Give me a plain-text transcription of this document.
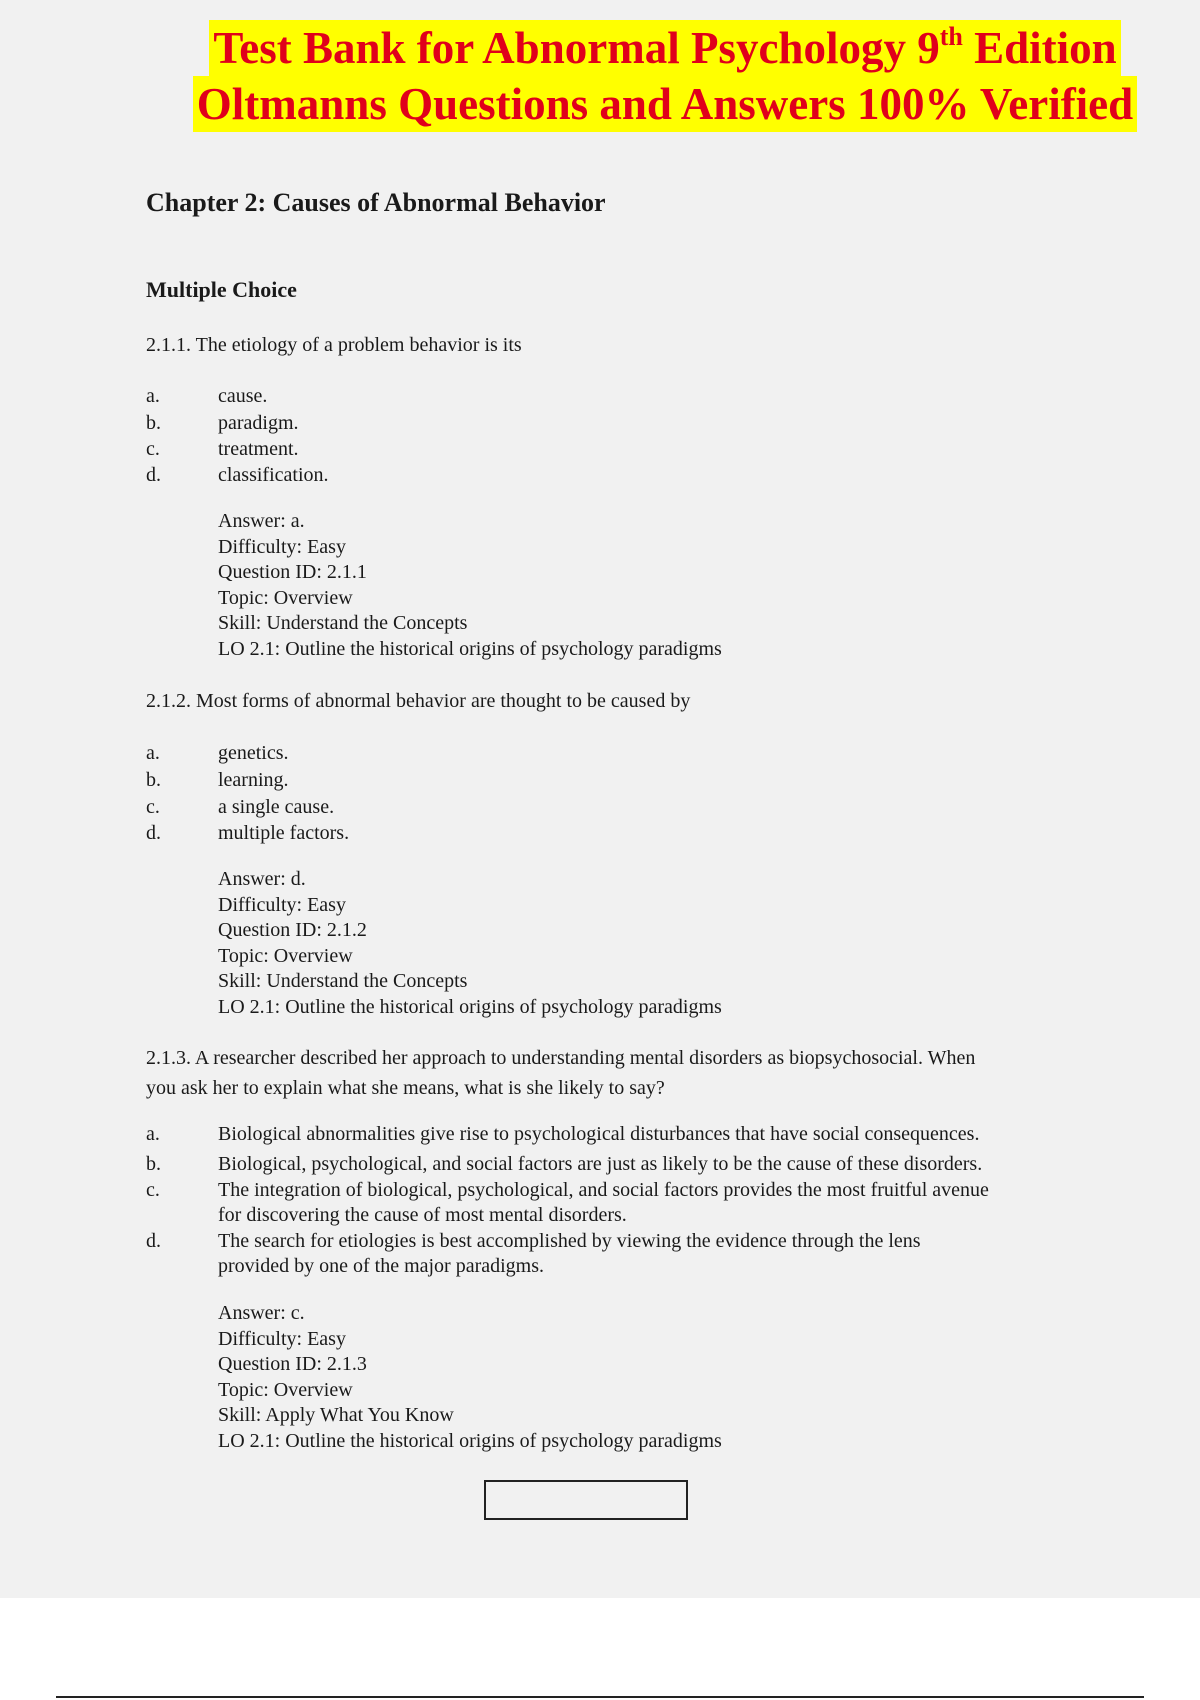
Test Bank for Abnormal Psychology 9th Edition
Oltmanns Questions and Answers 100% Verified
Chapter 2: Causes of Abnormal Behavior
Multiple Choice

2.1.1. The etiology of a problem behavior is its

a.	cause.
b.	paradigm.
c.	treatment.
d.	classification.
Answer: a.
Difficulty: Easy
Question ID: 2.1.1
Topic: Overview
Skill: Understand the Concepts
LO 2.1: Outline the historical origins of psychology paradigms

2.1.2. Most forms of abnormal behavior are thought to be caused by

a.	genetics.
b.	learning.
c.	a single cause.
d.	multiple factors.
Answer: d.
Difficulty: Easy
Question ID: 2.1.2
Topic: Overview
Skill: Understand the Concepts
LO 2.1: Outline the historical origins of psychology paradigms
2.1.3. A researcher described her approach to understanding mental disorders as biopsychosocial. When
you ask her to explain what she means, what is she likely to say?
a.	Biological abnormalities give rise to psychological disturbances that have social consequences.
b.	Biological, psychological, and social factors are just as likely to be the cause of these disorders.
c.	The integration of biological, psychological, and social factors provides the most fruitful avenue
for discovering the cause of most mental disorders.
d.	The search for etiologies is best accomplished by viewing the evidence through the lens
provided by one of the major paradigms.
Answer: c.
Difficulty: Easy
Question ID: 2.1.3
Topic: Overview
Skill: Apply What You Know
LO 2.1: Outline the historical origins of psychology paradigms
